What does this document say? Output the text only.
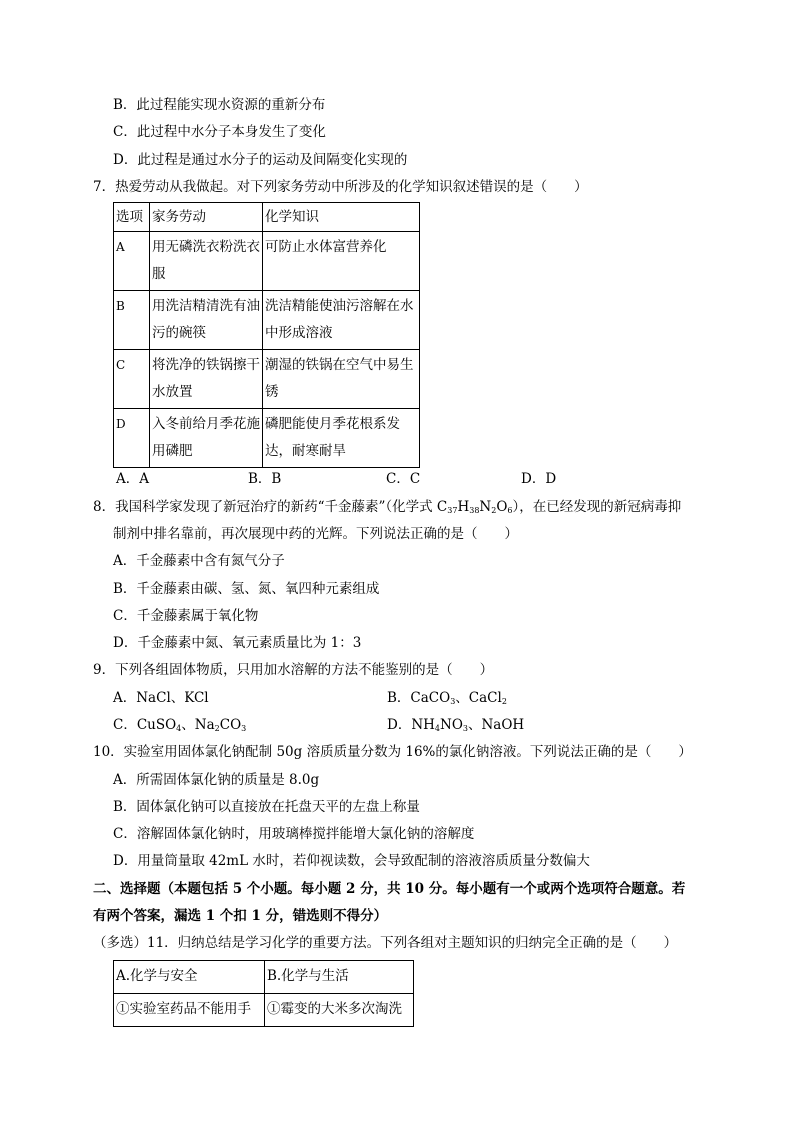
B．此过程能实现水资源的重新分布
C．此过程中水分子本身发生了变化
D．此过程是通过水分子的运动及间隔变化实现的
7．热爱劳动从我做起。对下列家务劳动中所涉及的化学知识叙述错误的是（　　）
选项	家务劳动	化学知识
A	用无磷洗衣粉洗衣服	可防止水体富营养化
B	用洗洁精清洗有油污的碗筷	洗洁精能使油污溶解在水中形成溶液
C	将洗净的铁锅擦干水放置	潮湿的铁锅在空气中易生锈
D	入冬前给月季花施用磷肥	磷肥能使月季花根系发达，耐寒耐旱
A．A	B．B	C．C	D．D
8．我国科学家发现了新冠治疗的新药“千金藤素”（化学式 $C_{37}H_{38}N_2O_6$），在已经发现的新冠病毒抑
制剂中排名靠前，再次展现中药的光辉。下列说法正确的是（　　）
A．千金藤素中含有氮气分子
B．千金藤素由碳、氢、氮、氧四种元素组成
C．千金藤素属于氧化物
D．千金藤素中氮、氧元素质量比为 1：3
9．下列各组固体物质，只用加水溶解的方法不能鉴别的是（　　）
A．NaCl、KCl	B．CaCO$_3$、CaCl$_2$
C．CuSO$_4$、$Na_2CO_3$	D．$NH_4NO_3$、NaOH
10．实验室用固体氯化钠配制 50g 溶质质量分数为 16%的氯化钠溶液。下列说法正确的是（　　）
A．所需固体氯化钠的质量是 8.0g
B．固体氯化钠可以直接放在托盘天平的左盘上称量
C．溶解固体氯化钠时，用玻璃棒搅拌能增大氯化钠的溶解度
D．用量筒量取 42mL 水时，若仰视读数，会导致配制的溶液溶质质量分数偏大
二、选择题（本题包括 5 个小题。每小题 2 分，共 10 分。每小题有一个或两个选项符合题意。若
有两个答案，漏选 1 个扣 1 分，错选则不得分）
（多选）11．归纳总结是学习化学的重要方法。下列各组对主题知识的归纳完全正确的是（　　）
A.化学与安全	B.化学与生活
①实验室药品不能用手	①霉变的大米多次淘洗
